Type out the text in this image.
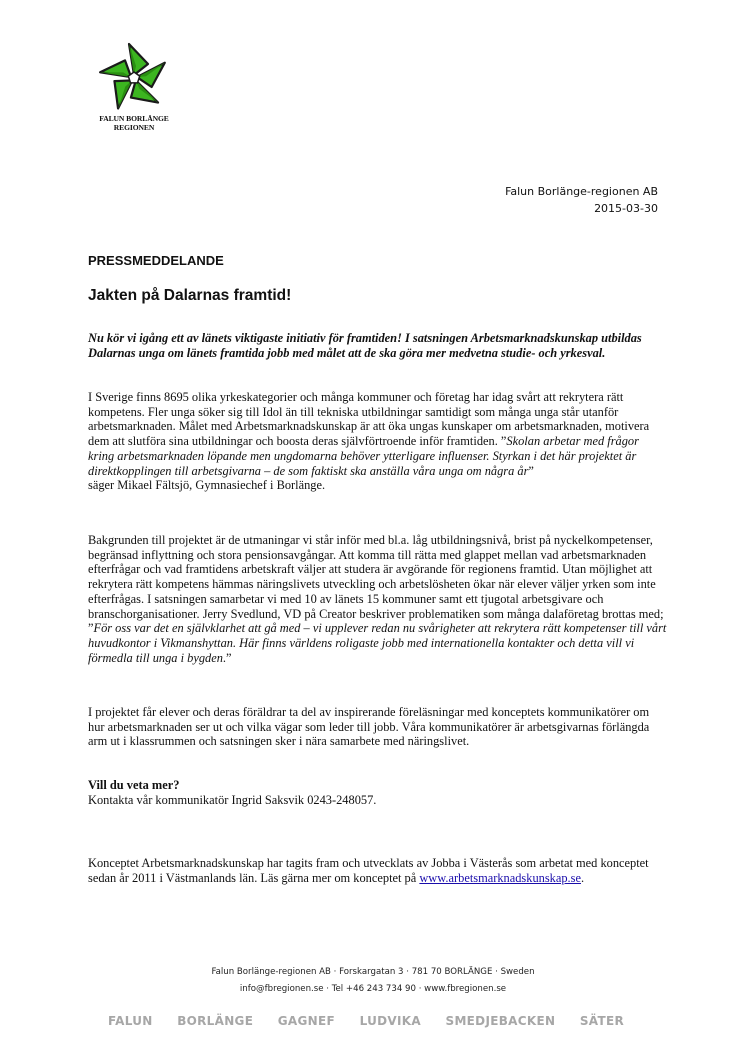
FALUN BORLÄNGE
REGIONEN
Falun Borlänge-regionen AB
2015-03-30
PRESSMEDDELANDE
Jakten på Dalarnas framtid!

Nu kör vi igång ett av länets viktigaste initiativ för framtiden! I satsningen Arbetsmarknadskunskap utbildas Dalarnas unga om länets framtida jobb med målet att de ska göra mer medvetna studie- och yrkesval.

I Sverige finns 8695 olika yrkeskategorier och många kommuner och företag har idag svårt att rekrytera rätt kompetens. Fler unga söker sig till Idol än till tekniska utbildningar samtidigt som många unga står utanför arbetsmarknaden. Målet med Arbetsmarknadskunskap är att öka ungas kunskaper om arbetsmarknaden, motivera dem att slutföra sina utbildningar och boosta deras självförtroende inför framtiden. ”Skolan arbetar med frågor kring arbetsmarknaden löpande men ungdomarna behöver ytterligare influenser. Styrkan i det här projektet är direktkopplingen till arbetsgivarna – de som faktiskt ska anställa våra unga om några år”
säger Mikael Fältsjö, Gymnasiechef i Borlänge.

Bakgrunden till projektet är de utmaningar vi står inför med bl.a. låg utbildningsnivå, brist på nyckelkompetenser, begränsad inflyttning och stora pensionsavgångar. Att komma till rätta med glappet mellan vad arbetsmarknaden efterfrågar och vad framtidens arbetskraft väljer att studera är avgörande för regionens framtid. Utan möjlighet att rekrytera rätt kompetens hämmas näringslivets utveckling och arbetslösheten ökar när elever väljer yrken som inte efterfrågas. I satsningen samarbetar vi med 10 av länets 15 kommuner samt ett tjugotal arbetsgivare och branschorganisationer. Jerry Svedlund, VD på Creator beskriver problematiken som många dalaföretag brottas med; ”För oss var det en självklarhet att gå med – vi upplever redan nu svårigheter att rekrytera rätt kompetenser till vårt huvudkontor i Vikmanshyttan. Här finns världens roligaste jobb med internationella kontakter och detta vill vi förmedla till unga i bygden.”

I projektet får elever och deras föräldrar ta del av inspirerande föreläsningar med konceptets kommunikatörer om hur arbetsmarknaden ser ut och vilka vägar som leder till jobb. Våra kommunikatörer är arbetsgivarnas förlängda arm ut i klassrummen och satsningen sker i nära samarbete med näringslivet.

Vill du veta mer?
Kontakta vår kommunikatör Ingrid Saksvik 0243-248057.

Konceptet Arbetsmarknadskunskap har tagits fram och utvecklats av Jobba i Västerås som arbetat med konceptet sedan år 2011 i Västmanlands län. Läs gärna mer om konceptet på www.arbetsmarknadskunskap.se.

Falun Borlänge-regionen AB · Forskargatan 3 · 781 70 BORLÄNGE · Sweden
info@fbregionen.se · Tel +46 243 734 90 · www.fbregionen.se
FALUN BORLÄNGE GAGNEF LUDVIKA SMEDJEBACKEN SÄTER
